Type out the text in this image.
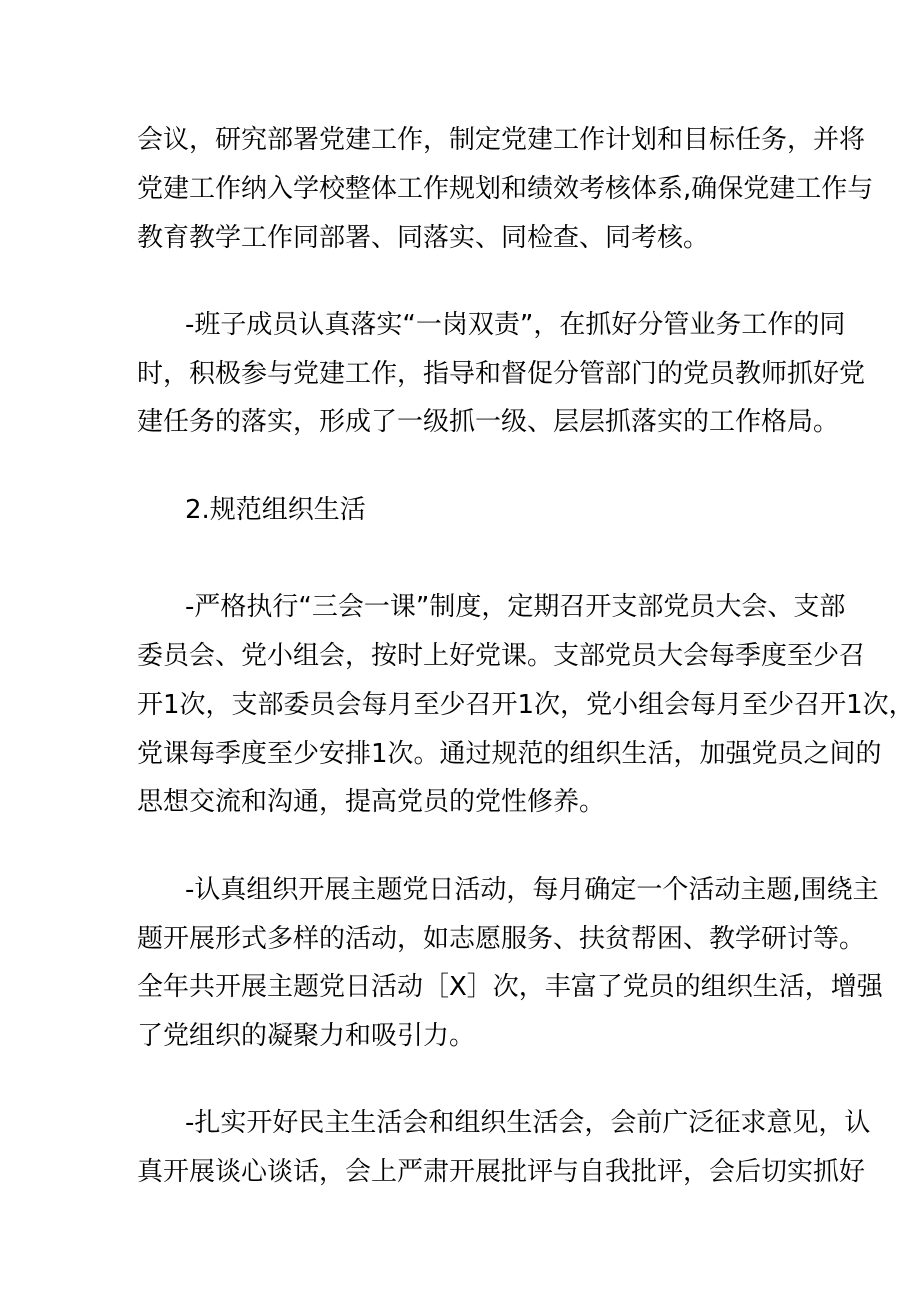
会议，研究部署党建工作，制定党建工作计划和目标任务，并将
党建工作纳入学校整体工作规划和绩效考核体系,确保党建工作与
教育教学工作同部署、同落实、同检查、同考核。
-班子成员认真落实“一岗双责”，在抓好分管业务工作的同
时，积极参与党建工作，指导和督促分管部门的党员教师抓好党
建任务的落实，形成了一级抓一级、层层抓落实的工作格局。
2.规范组织生活
-严格执行“三会一课”制度，定期召开支部党员大会、支部
委员会、党小组会，按时上好党课。支部党员大会每季度至少召
开1次，支部委员会每月至少召开1次，党小组会每月至少召开1次，
党课每季度至少安排1次。通过规范的组织生活，加强党员之间的
思想交流和沟通，提高党员的党性修养。
-认真组织开展主题党日活动，每月确定一个活动主题,围绕主
题开展形式多样的活动，如志愿服务、扶贫帮困、教学研讨等。
全年共开展主题党日活动［X］次，丰富了党员的组织生活，增强
了党组织的凝聚力和吸引力。
-扎实开好民主生活会和组织生活会，会前广泛征求意见，认
真开展谈心谈话，会上严肃开展批评与自我批评，会后切实抓好
